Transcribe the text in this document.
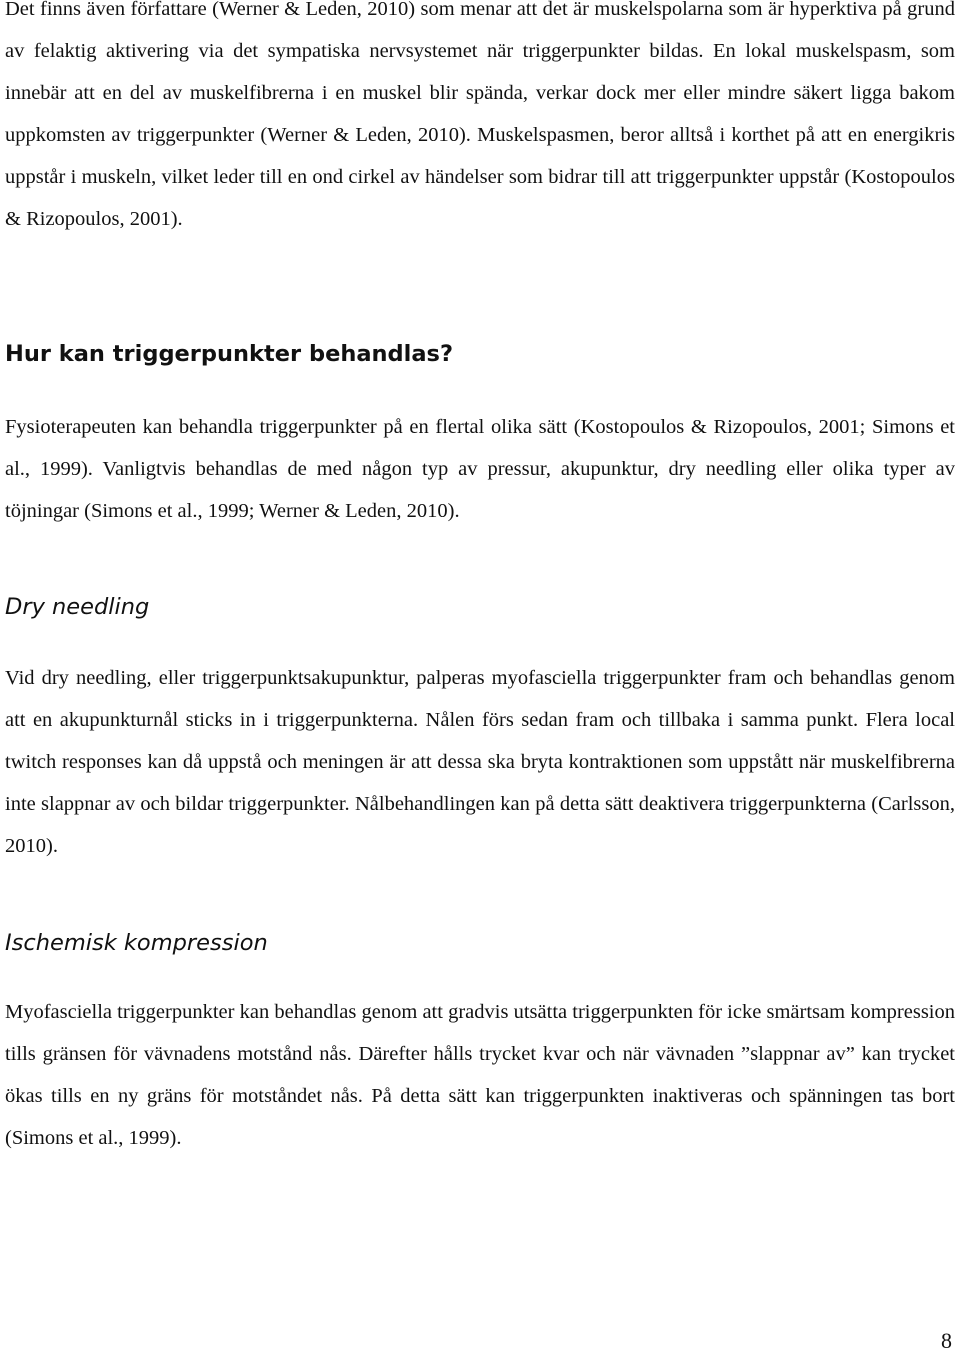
Det finns även författare (Werner & Leden, 2010) som menar att det är muskelspolarna som är hyperktiva på grund av felaktig aktivering via det sympatiska nervsystemet när triggerpunkter bildas. En lokal muskelspasm, som innebär att en del av muskelfibrerna i en muskel blir spända, verkar dock mer eller mindre säkert ligga bakom uppkomsten av triggerpunkter (Werner & Leden, 2010). Muskelspasmen, beror alltså i korthet på att en energikris uppstår i muskeln, vilket leder till en ond cirkel av händelser som bidrar till att triggerpunkter uppstår (Kostopoulos & Rizopoulos, 2001).

Hur kan triggerpunkter behandlas?

Fysioterapeuten kan behandla triggerpunkter på en flertal olika sätt (Kostopoulos & Rizopoulos, 2001; Simons et al., 1999). Vanligtvis behandlas de med någon typ av pressur, akupunktur, dry needling eller olika typer av töjningar (Simons et al., 1999; Werner & Leden, 2010).

Dry needling

Vid dry needling, eller triggerpunktsakupunktur, palperas myofasciella triggerpunkter fram och behandlas genom att en akupunkturnål sticks in i triggerpunkterna. Nålen förs sedan fram och tillbaka i samma punkt. Flera local twitch responses kan då uppstå och meningen är att dessa ska bryta kontraktionen som uppstått när muskelfibrerna inte slappnar av och bildar triggerpunkter. Nålbehandlingen kan på detta sätt deaktivera triggerpunkterna (Carlsson, 2010).

Ischemisk kompression

Myofasciella triggerpunkter kan behandlas genom att gradvis utsätta triggerpunkten för icke smärtsam kompression tills gränsen för vävnadens motstånd nås. Därefter hålls trycket kvar och när vävnaden ”slappnar av” kan trycket ökas tills en ny gräns för motståndet nås. På detta sätt kan triggerpunkten inaktiveras och spänningen tas bort (Simons et al., 1999).

8
